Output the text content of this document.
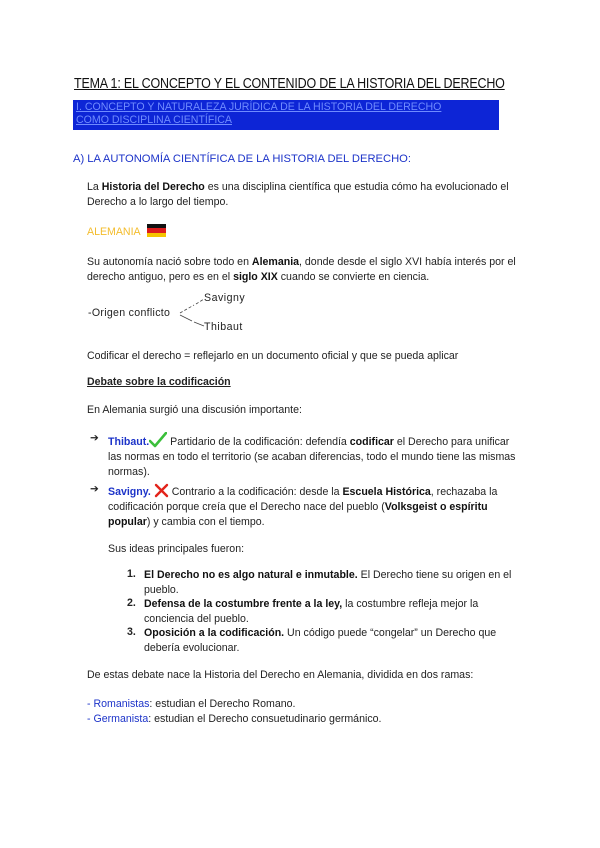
TEMA 1: EL CONCEPTO Y EL CONTENIDO DE LA HISTORIA DEL DERECHO
I. CONCEPTO Y NATURALEZA JURÍDICA DE LA HISTORIA DEL DERECHO
COMO DISCIPLINA CIENTÍFICA
A) LA AUTONOMÍA CIENTÍFICA DE LA HISTORIA DEL DERECHO:

La Historia del Derecho es una disciplina científica que estudia cómo ha evolucionado el Derecho a lo largo del tiempo.

ALEMANIA

Su autonomía nació sobre todo en Alemania, donde desde el siglo XVI había interés por el derecho antiguo, pero es en el siglo XIX cuando se convierte en ciencia.

-Origen conflicto
Savigny
Thibaut

Codificar el derecho = reflejarlo en un documento oficial y que se pueda aplicar

Debate sobre la codificación

En Alemania surgió una discusión importante:

➔ Thibaut. Partidario de la codificación: defendía codificar el Derecho para unificar las normas en todo el territorio (se acaban diferencias, todo el mundo tiene las mismas normas).

➔ Savigny.  Contrario a la codificación: desde la Escuela Histórica, rechazaba la codificación porque creía que el Derecho nace del pueblo (Volksgeist o espíritu popular) y cambia con el tiempo.

Sus ideas principales fueron:

1. El Derecho no es algo natural e inmutable. El Derecho tiene su origen en el pueblo.

2. Defensa de la costumbre frente a la ley, la costumbre refleja mejor la conciencia del pueblo.

3. Oposición a la codificación. Un código puede “congelar” un Derecho que debería evolucionar.

De estas debate nace la Historia del Derecho en Alemania, dividida en dos ramas:

- Romanistas: estudian el Derecho Romano.

- Germanista: estudian el Derecho consuetudinario germánico.
